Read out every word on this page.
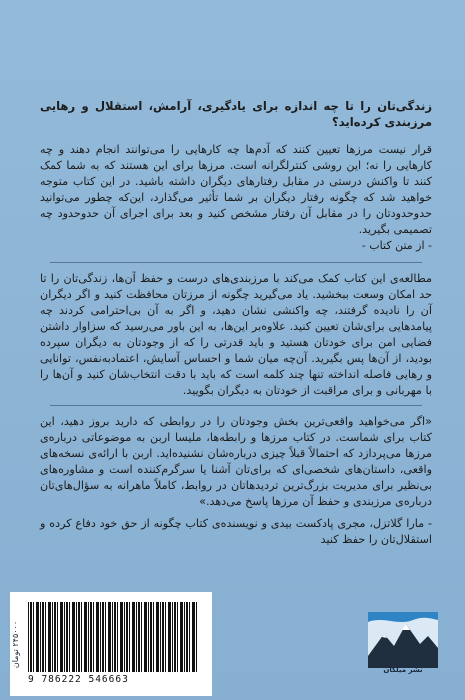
زندگی‌تان را تا چه اندازه برای یادگیری، آرامش، استقلال و رهایی مرزبندی کرده‌اید؟

قرار نیست مرزها تعیین کنند که آدم‌ها چه کارهایی را می‌توانند انجام دهند و چه کارهایی را نه؛ این روشی کنترلگرانه است. مرزها برای این هستند که به شما کمک کنند تا واکنش درستی در مقابل رفتارهای دیگران داشته باشید. در این کتاب متوجه خواهید شد که چگونه رفتار دیگران بر شما تأثیر می‌گذارد، این‌که چطور می‌توانید حدوحدودتان را در مقابل آن رفتار مشخص کنید و بعد برای اجرای آن حدوحدود چه تصمیمی بگیرید.

- از متن کتاب -

مطالعه‌ی این کتاب کمک می‌کند با مرزبندی‌های درست و حفظ آن‌ها، زندگی‌تان را تا حد امکان وسعت ببخشید. یاد می‌گیرید چگونه از مرزتان محافظت کنید و اگر دیگران آن را نادیده گرفتند، چه واکنشی نشان دهید، و اگر به آن بی‌احترامی کردند چه پیامدهایی برای‌شان تعیین کنید. علاوه‌بر این‌ها، به این باور می‌رسید که سزاوار داشتن فضایی امن برای خودتان هستید و باید قدرتی را که از وجودتان به دیگران سپرده بودید، از آن‌ها پس بگیرید. آن‌چه میان شما و احساس آسایش، اعتمادبه‌نفس، توانایی و رهایی فاصله انداخته تنها چند کلمه است که باید با دقت انتخاب‌شان کنید و آن‌ها را با مهربانی و برای مراقبت از خودتان به دیگران بگویید.

«اگر می‌خواهید واقعی‌ترین بخش وجودتان را در روابطی که دارید بروز دهید، این کتاب برای شماست. در کتاب مرزها و رابطه‌ها، ملیسا اربن به موضوعاتی درباره‌ی مرزها می‌پردازد که احتمالاً قبلاً چیزی درباره‌شان نشنیده‌اید. اربن با ارائه‌ی نسخه‌های واقعی، داستان‌های شخصی‌ای که برای‌تان آشنا یا سرگرم‌کننده است و مشاوره‌های بی‌نظیر برای مدیریت بزرگ‌ترین تردیدهاتان در روابط، کاملاً ماهرانه به سؤال‌های‌تان درباره‌ی مرزبندی و حفظ آن مرزها پاسخ می‌دهد.»

- مارا گلاتزل، مجری پادکست بیدی و نویسنده‌ی کتاب چگونه از حق خود دفاع کرده و استقلال‌تان را حفظ کنید

۲۴۵۰۰۰ تومان
9 786222 546663
نشر میلکان
